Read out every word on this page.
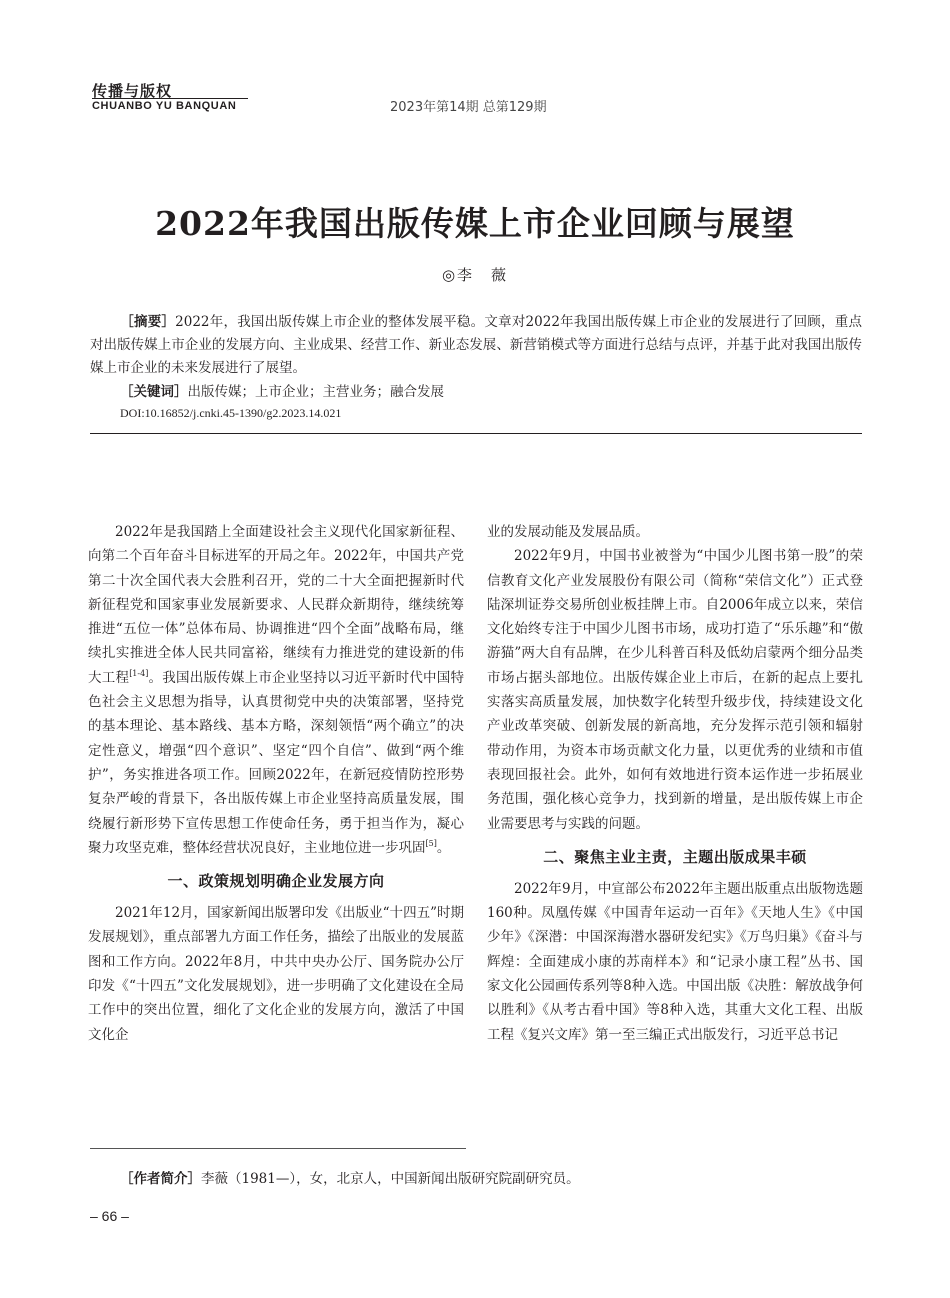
传播与版权
CHUANBO YU BANQUAN	2023年第14期 总第129期
2022年我国出版传媒上市企业回顾与展望
◎李　薇
［摘要］2022年，我国出版传媒上市企业的整体发展平稳。文章对2022年我国出版传媒上市企业的发展进行了回顾，重点对出版传媒上市企业的发展方向、主业成果、经营工作、新业态发展、新营销模式等方面进行总结与点评，并基于此对我国出版传媒上市企业的未来发展进行了展望。
［关键词］出版传媒；上市企业；主营业务；融合发展
DOI:10.16852/j.cnki.45-1390/g2.2023.14.021

2022年是我国踏上全面建设社会主义现代化国家新征程、向第二个百年奋斗目标进军的开局之年。2022年，中国共产党第二十次全国代表大会胜利召开，党的二十大全面把握新时代新征程党和国家事业发展新要求、人民群众新期待，继续统筹推进“五位一体”总体布局、协调推进“四个全面”战略布局，继续扎实推进全体人民共同富裕，继续有力推进党的建设新的伟大工程[1-4]。我国出版传媒上市企业坚持以习近平新时代中国特色社会主义思想为指导，认真贯彻党中央的决策部署，坚持党的基本理论、基本路线、基本方略，深刻领悟“两个确立”的决定性意义，增强“四个意识”、坚定“四个自信”、做到“两个维护”，务实推进各项工作。回顾2022年，在新冠疫情防控形势复杂严峻的背景下，各出版传媒上市企业坚持高质量发展，围绕履行新形势下宣传思想工作使命任务，勇于担当作为，凝心聚力攻坚克难，整体经营状况良好，主业地位进一步巩固[5]。

一、政策规划明确企业发展方向

2021年12月，国家新闻出版署印发《出版业“十四五”时期发展规划》，重点部署九方面工作任务，描绘了出版业的发展蓝图和工作方向。2022年8月，中共中央办公厅、国务院办公厅印发《“十四五”文化发展规划》，进一步明确了文化建设在全局工作中的突出位置，细化了文化企业的发展方向，激活了中国文化企

业的发展动能及发展品质。

2022年9月，中国书业被誉为“中国少儿图书第一股”的荣信教育文化产业发展股份有限公司（简称“荣信文化”）正式登陆深圳证券交易所创业板挂牌上市。自2006年成立以来，荣信文化始终专注于中国少儿图书市场，成功打造了“乐乐趣”和“傲游猫”两大自有品牌，在少儿科普百科及低幼启蒙两个细分品类市场占据头部地位。出版传媒企业上市后，在新的起点上要扎实落实高质量发展，加快数字化转型升级步伐，持续建设文化产业改革突破、创新发展的新高地，充分发挥示范引领和辐射带动作用，为资本市场贡献文化力量，以更优秀的业绩和市值表现回报社会。此外，如何有效地进行资本运作进一步拓展业务范围，强化核心竞争力，找到新的增量，是出版传媒上市企业需要思考与实践的问题。

二、聚焦主业主责，主题出版成果丰硕

2022年9月，中宣部公布2022年主题出版重点出版物选题160种。凤凰传媒《中国青年运动一百年》《天地人生》《中国少年》《深潜：中国深海潜水器研发纪实》《万鸟归巢》《奋斗与辉煌：全面建成小康的苏南样本》和“记录小康工程”丛书、国家文化公园画传系列等8种入选。中国出版《决胜：解放战争何以胜利》《从考古看中国》等8种入选，其重大文化工程、出版工程《复兴文库》第一至三编正式出版发行，习近平总书记

［作者简介］李薇（1981—），女，北京人，中国新闻出版研究院副研究员。
– 66 –
